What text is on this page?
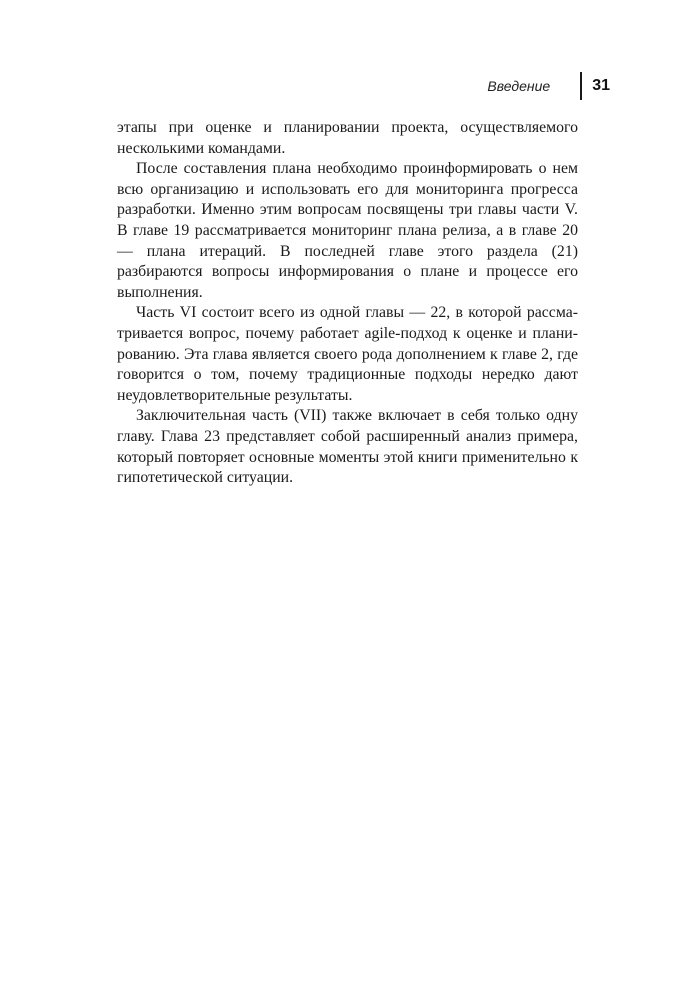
Введение	31

этапы при оценке и планировании проекта, осуществляемого несколькими командами.

После составления плана необходимо проинформировать о нем всю организацию и использовать его для мониторинга прогресса разработки. Именно этим вопросам посвящены три главы части V. В главе 19 рассматривается мониторинг плана релиза, а в главе 20 — плана итераций. В последней главе этого раздела (21) разбираются вопросы информирования о плане и процессе его выполнения.

Часть VI состоит всего из одной главы — 22, в которой рассматривается вопрос, почему работает agile-подход к оценке и планированию. Эта глава является своего рода дополнением к главе 2, где говорится о том, почему традиционные подходы нередко дают неудовлетворительные результаты.

Заключительная часть (VII) также включает в себя только одну главу. Глава 23 представляет собой расширенный анализ примера, который повторяет основные моменты этой книги применительно к гипотетической ситуации.
